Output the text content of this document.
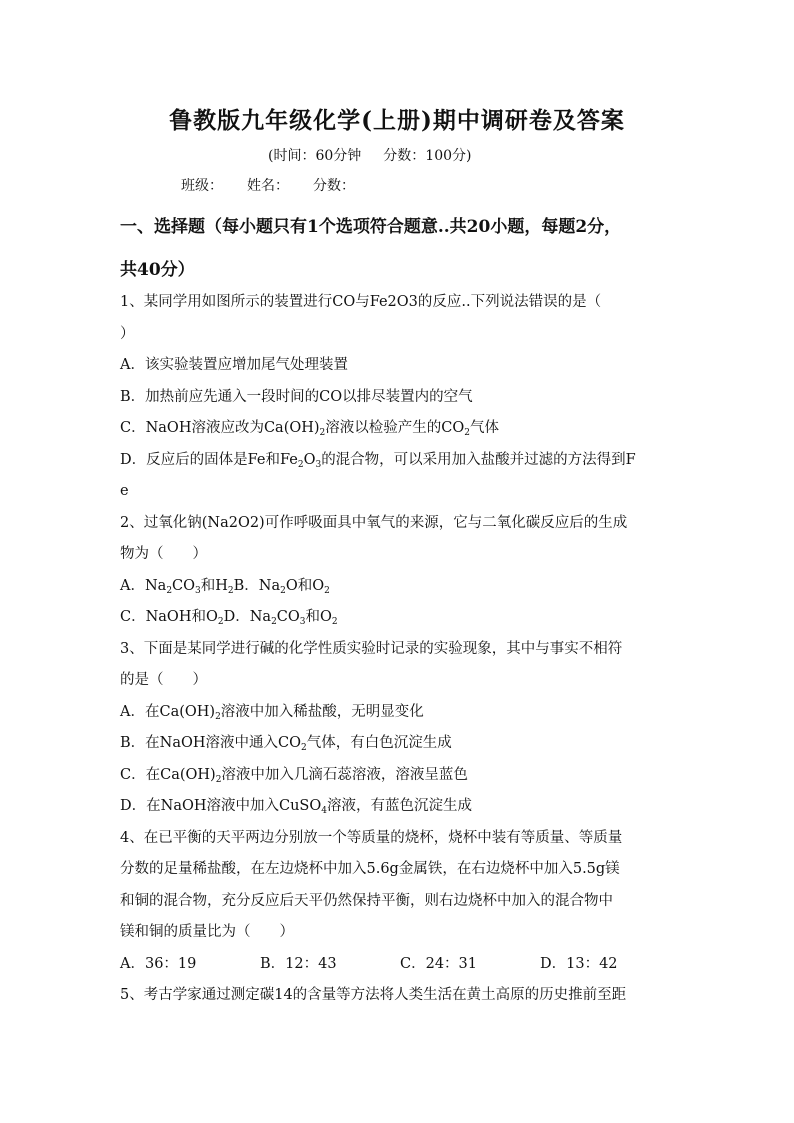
鲁教版九年级化学(上册)期中调研卷及答案
(时间：60分钟 分数：100分)
班级： 姓名： 分数：
一、选择题（每小题只有1个选项符合题意..共20小题，每题2分，
共40分）
1、某同学用如图所示的装置进行CO与Fe2O3的反应..下列说法错误的是（
）
A．该实验装置应增加尾气处理装置
B．加热前应先通入一段时间的CO以排尽装置内的空气
C．NaOH溶液应改为$Ca(OH)_2$溶液以检验产生的$CO_2$气体
D．反应后的固体是Fe和$Fe_2O_3$的混合物，可以采用加入盐酸并过滤的方法得到F
e
2、过氧化钠(Na2O2)可作呼吸面具中氧气的来源，它与二氧化碳反应后的生成
物为（　　）
A．$Na_2CO_3$和$H_2B$．$Na_2O$和$O_2$
C．NaOH和$O_2D$．$Na_2CO_3$和$O_2$
3、下面是某同学进行碱的化学性质实验时记录的实验现象，其中与事实不相符
的是（　　）
A．在$Ca(OH)_2$溶液中加入稀盐酸，无明显变化
B．在NaOH溶液中通入$CO_2$气体，有白色沉淀生成
C．在$Ca(OH)_2$溶液中加入几滴石蕊溶液，溶液呈蓝色
D．在NaOH溶液中加入CuSO$_4$溶液，有蓝色沉淀生成
4、在已平衡的天平两边分别放一个等质量的烧杯，烧杯中装有等质量、等质量
分数的足量稀盐酸，在左边烧杯中加入5.6g金属铁，在右边烧杯中加入5.5g镁
和铜的混合物，充分反应后天平仍然保持平衡，则右边烧杯中加入的混合物中
镁和铜的质量比为（　　）
A．36：19	B．12：43	C．24：31	D．13：42
5、考古学家通过测定碳14的含量等方法将人类生活在黄土高原的历史推前至距
